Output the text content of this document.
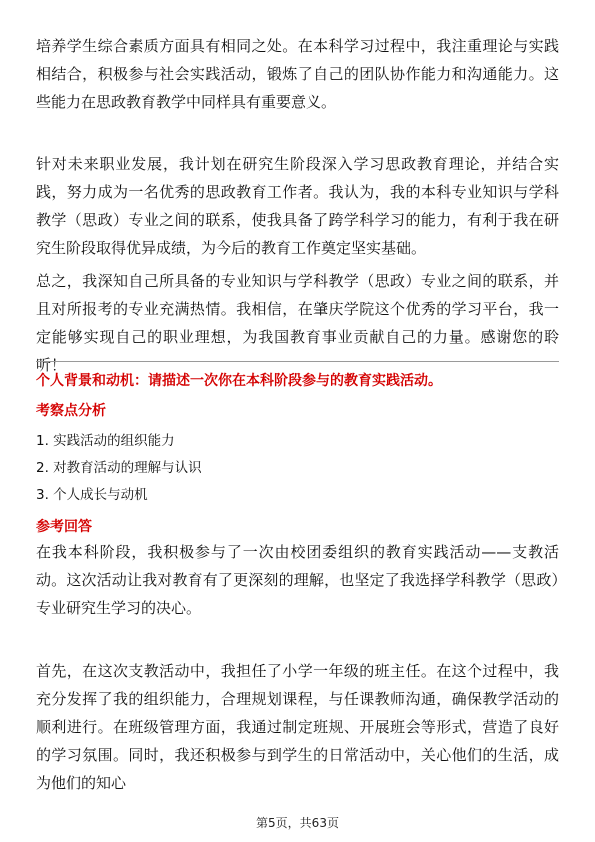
培养学生综合素质方面具有相同之处。在本科学习过程中，我注重理论与实践相结合，积极参与社会实践活动，锻炼了自己的团队协作能力和沟通能力。这些能力在思政教育教学中同样具有重要意义。
针对未来职业发展，我计划在研究生阶段深入学习思政教育理论，并结合实践，努力成为一名优秀的思政教育工作者。我认为，我的本科专业知识与学科教学（思政）专业之间的联系，使我具备了跨学科学习的能力，有利于我在研究生阶段取得优异成绩，为今后的教育工作奠定坚实基础。
总之，我深知自己所具备的专业知识与学科教学（思政）专业之间的联系，并且对所报考的专业充满热情。我相信，在肇庆学院这个优秀的学习平台，我一定能够实现自己的职业理想，为我国教育事业贡献自己的力量。感谢您的聆听！
个人背景和动机：请描述一次你在本科阶段参与的教育实践活动。
考察点分析
1. 实践活动的组织能力
2. 对教育活动的理解与认识
3. 个人成长与动机
参考回答
在我本科阶段，我积极参与了一次由校团委组织的教育实践活动——支教活动。这次活动让我对教育有了更深刻的理解，也坚定了我选择学科教学（思政）专业研究生学习的决心。
首先，在这次支教活动中，我担任了小学一年级的班主任。在这个过程中，我充分发挥了我的组织能力，合理规划课程，与任课教师沟通，确保教学活动的顺利进行。在班级管理方面，我通过制定班规、开展班会等形式，营造了良好的学习氛围。同时，我还积极参与到学生的日常活动中，关心他们的生活，成为他们的知心
第5页，共63页
